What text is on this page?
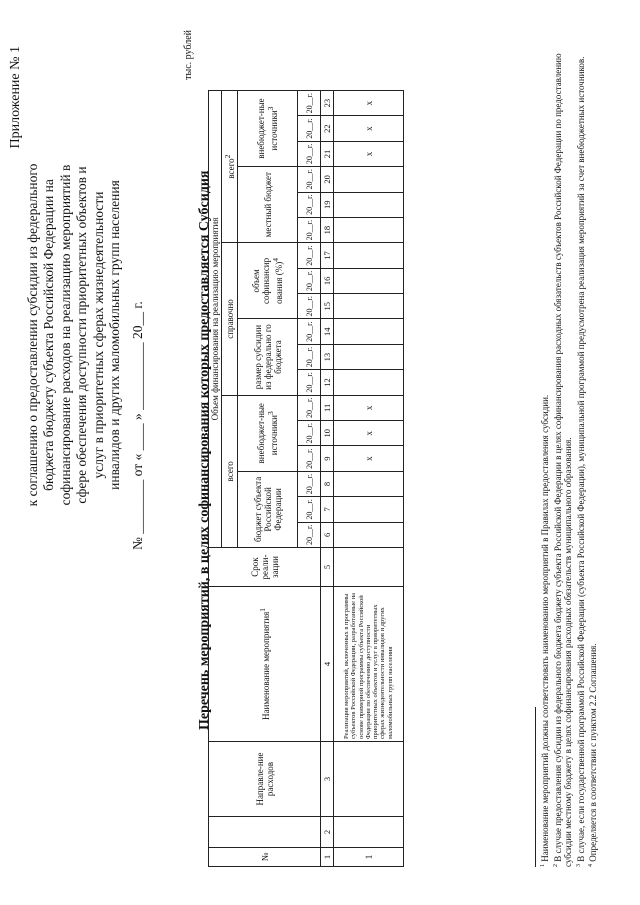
Приложение № 1
к соглашению о предоставлении субсидии из федерального бюджета бюджету субъекта Российской Федерации на софинансирование расходов на реализацию мероприятий в сфере обеспечения доступности приоритетных объектов и услуг в приоритетных сферах жизнедеятельности инвалидов и других маломобильных групп населения № ________ от « ____ » __________ 20__ г.
тыс. рублей
Перечень мероприятий, в целях софинансирования которых предоставляется Субсидия
№		Направле-ние расходов	Наименование мероприятия$^1$	Срок реали-зации	Объем финансирования на реализацию мероприятия																	
					всего						справочно						всего$^2$
					бюджет субъекта Российской Федерации			внебюджет-ные источники$^3$			размер субсидии из федерально го бюджета			объем софинансир ования (%)$^4$			местный бюджет			внебюджет-ные источники$^3$
					20__г.	20__г.	20__г.	20__г.	20__г.	20__г.	20__г.	20__г.	20__г.	20__г.	20__г.	20__г.	20__г.	20__г.	20__г.	20__г.	20__г.	20__г.
1	2	3	4	5	6	7	8	9	10	11	12	13	14	15	16	17	18	19	20	21	22	23
1			Реализация мероприятий, включенных в программы субъектов Российской Федерации, разработанные на основе примерной программы субъекта Российской Федерации по обеспечению доступности приоритетных объектов и услуг в приоритетных сферах жизнедеятельности инвалидов и других маломобильных групп населения					x	x	x										x	x	x
$^1$ Наименование мероприятий должны соответствовать наименованию мероприятий в Правилах предоставления субсидии.
$^2$ В случае предоставления субсидии из федерального бюджета бюджету субъекта Российской Федерации в целях софинансирования расходных обязательств субъектов Российской Федерации по предоставлению субсидии местному бюджету в целях софинансирования расходных обязательств муниципального образования. $^3$ В случае, если государственной программой Российской Федерации (субъекта Российской Федерации), муниципальной программой предусмотрена реализация мероприятий за счет внебюджетных источников.
$^4$ Определяется в соответствии с пунктом 2.2 Соглашения.
